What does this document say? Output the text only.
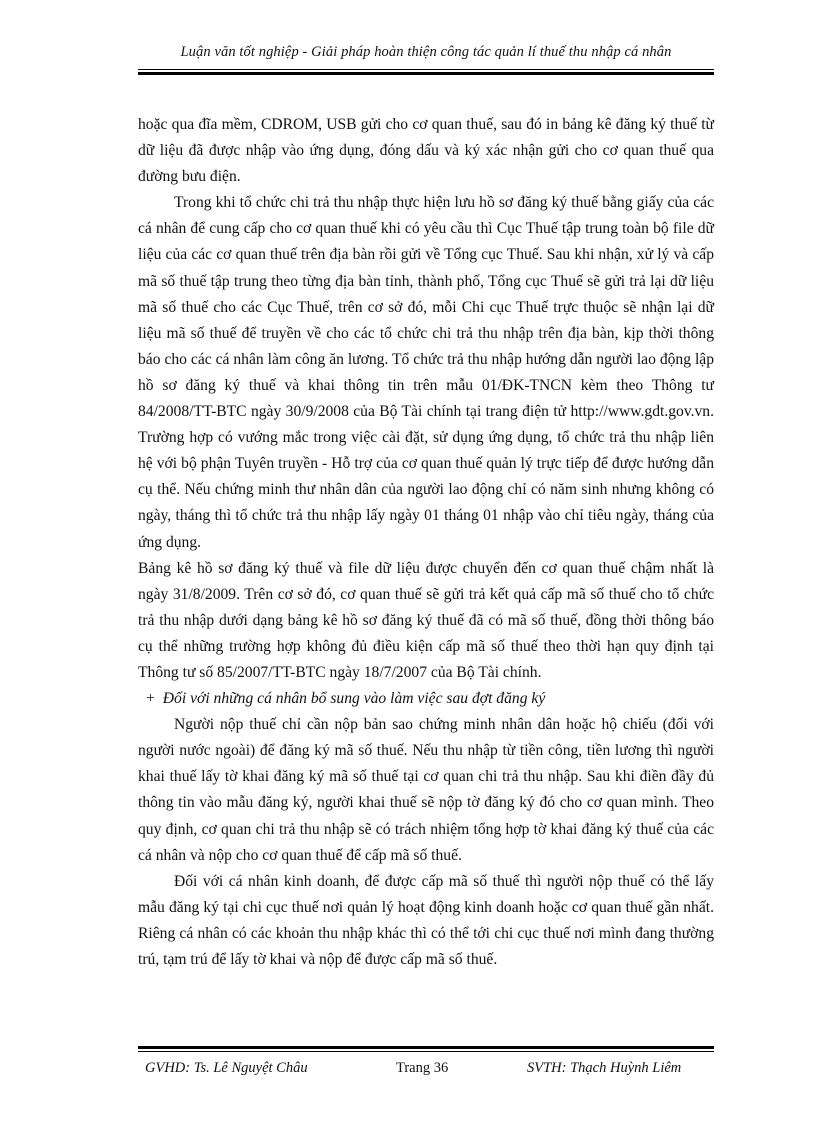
Luận văn tốt nghiệp - Giải pháp hoàn thiện công tác quản lí thuế thu nhập cá nhân

hoặc qua đĩa mềm, CDROM, USB gửi cho cơ quan thuế, sau đó in bảng kê đăng ký thuế từ dữ liệu đã được nhập vào ứng dụng, đóng dấu và ký xác nhận gửi cho cơ quan thuế qua đường bưu điện.

Trong khi tổ chức chi trả thu nhập thực hiện lưu hồ sơ đăng ký thuế bằng giấy của các cá nhân để cung cấp cho cơ quan thuế khi có yêu cầu thì Cục Thuế tập trung toàn bộ file dữ liệu của các cơ quan thuế trên địa bàn rồi gửi về Tổng cục Thuế. Sau khi nhận, xử lý và cấp mã số thuế tập trung theo từng địa bàn tỉnh, thành phố, Tổng cục Thuế sẽ gửi trả lại dữ liệu mã số thuế cho các Cục Thuế, trên cơ sở đó, mỗi Chi cục Thuế trực thuộc sẽ nhận lại dữ liệu mã số thuế để truyền về cho các tổ chức chi trả thu nhập trên địa bàn, kịp thời thông báo cho các cá nhân làm công ăn lương. Tổ chức trả thu nhập hướng dẫn người lao động lập hồ sơ đăng ký thuế và khai thông tin trên mẫu 01/ĐK-TNCN kèm theo Thông tư 84/2008/TT-BTC ngày 30/9/2008 của Bộ Tài chính tại trang điện tử http://www.gdt.gov.vn. Trường hợp có vướng mắc trong việc cài đặt, sử dụng ứng dụng, tổ chức trả thu nhập liên hệ với bộ phận Tuyên truyền - Hỗ trợ của cơ quan thuế quản lý trực tiếp để được hướng dẫn cụ thể. Nếu chứng minh thư nhân dân của người lao động chỉ có năm sinh nhưng không có ngày, tháng thì tổ chức trả thu nhập lấy ngày 01 tháng 01 nhập vào chỉ tiêu ngày, tháng của ứng dụng.

Bảng kê hồ sơ đăng ký thuế và file dữ liệu được chuyển đến cơ quan thuế chậm nhất là ngày 31/8/2009. Trên cơ sở đó, cơ quan thuế sẽ gửi trả kết quả cấp mã số thuế cho tổ chức trả thu nhập dưới dạng bảng kê hồ sơ đăng ký thuế đã có mã số thuế, đồng thời thông báo cụ thể những trường hợp không đủ điều kiện cấp mã số thuế theo thời hạn quy định tại Thông tư số 85/2007/TT-BTC ngày 18/7/2007 của Bộ Tài chính.

+ Đối với những cá nhân bổ sung vào làm việc sau đợt đăng ký

Người nộp thuế chỉ cần nộp bản sao chứng minh nhân dân hoặc hộ chiếu (đối với người nước ngoài) để đăng ký mã số thuế. Nếu thu nhập từ tiền công, tiền lương thì người khai thuế lấy tờ khai đăng ký mã số thuế tại cơ quan chi trả thu nhập. Sau khi điền đầy đủ thông tin vào mẫu đăng ký, người khai thuế sẽ nộp tờ đăng ký đó cho cơ quan mình. Theo quy định, cơ quan chi trả thu nhập sẽ có trách nhiệm tổng hợp tờ khai đăng ký thuế của các cá nhân và nộp cho cơ quan thuế để cấp mã số thuế.

Đối với cá nhân kinh doanh, để được cấp mã số thuế thì người nộp thuế có thể lấy mẫu đăng ký tại chi cục thuế nơi quản lý hoạt động kinh doanh hoặc cơ quan thuế gần nhất. Riêng cá nhân có các khoản thu nhập khác thì có thể tới chi cục thuế nơi mình đang thường trú, tạm trú để lấy tờ khai và nộp để được cấp mã số thuế.

GVHD: Ts. Lê Nguyệt Châu	Trang 36	SVTH: Thạch Huỳnh Liêm
